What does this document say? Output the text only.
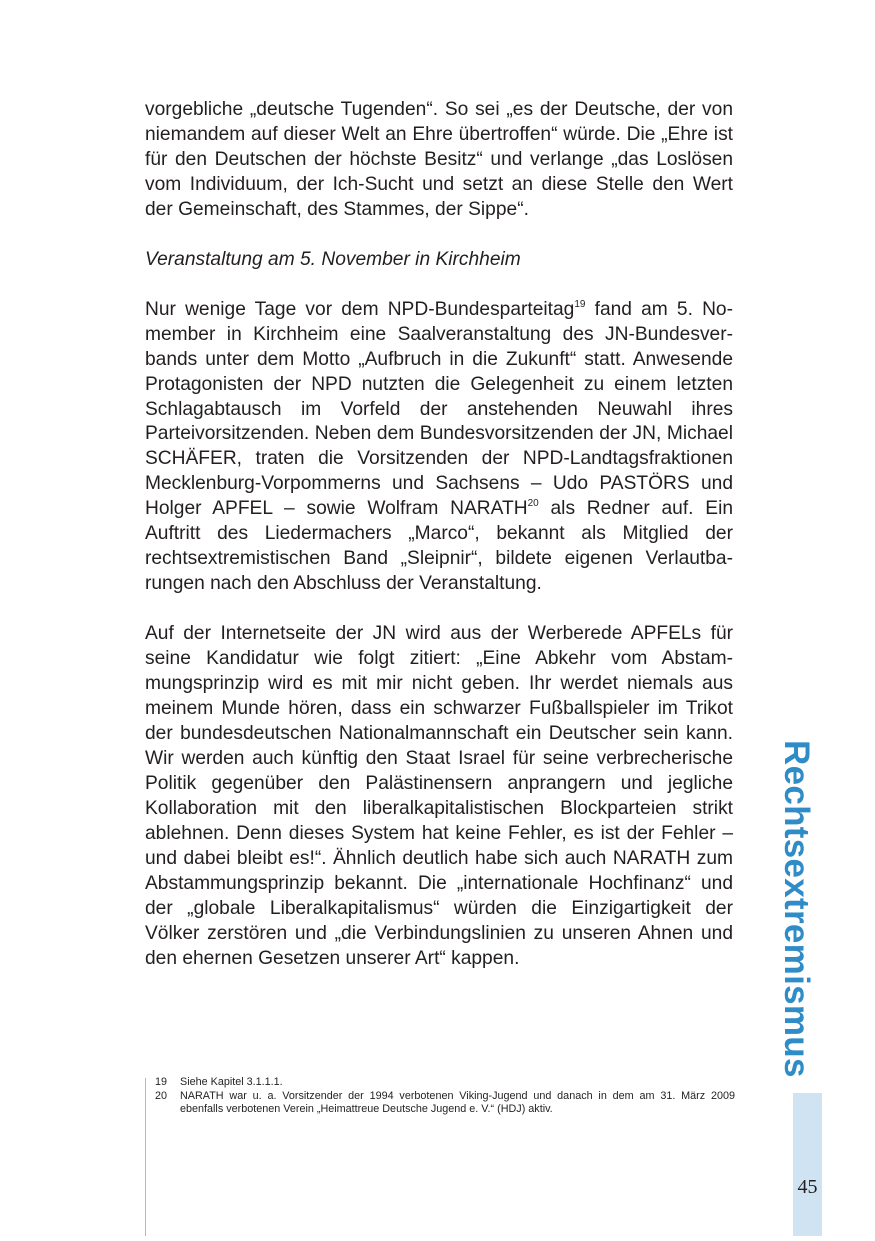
vorgebliche „deutsche Tugenden“. So sei „es der Deutsche, der von niemandem auf dieser Welt an Ehre übertroffen“ würde. Die „Ehre ist für den Deutschen der höchste Besitz“ und verlange „das Loslösen vom Individuum, der Ich-Sucht und setzt an diese Stelle den Wert der Gemeinschaft, des Stammes, der Sippe“.

Veranstaltung am 5. November in Kirchheim

Nur wenige Tage vor dem NPD-Bundesparteitag$^{19}$ fand am 5. Nomember in Kirchheim eine Saalveranstaltung des JN-Bundesverbands unter dem Motto „Aufbruch in die Zukunft“ statt. Anwesende Protagonisten der NPD nutzten die Gelegenheit zu einem letzten Schlagabtausch im Vorfeld der anstehenden Neuwahl ihres Parteivorsitzenden. Neben dem Bundesvorsitzenden der JN, Michael SCHÄFER, traten die Vorsitzenden der NPD-Landtagsfraktionen Mecklenburg-Vorpommerns und Sachsens – Udo PASTÖRS und Holger APFEL – sowie Wolfram NARATH$^{20}$ als Redner auf. Ein Auftritt des Liedermachers „Marco“, bekannt als Mitglied der rechtsextremistischen Band „Sleipnir“, bildete eigenen Verlautbarungen nach den Abschluss der Veranstaltung.

Auf der Internetseite der JN wird aus der Werberede APFELs für seine Kandidatur wie folgt zitiert: „Eine Abkehr vom Abstammungsprinzip wird es mit mir nicht geben. Ihr werdet niemals aus meinem Munde hören, dass ein schwarzer Fußballspieler im Trikot der bundesdeutschen Nationalmannschaft ein Deutscher sein kann. Wir werden auch künftig den Staat Israel für seine verbrecherische Politik gegenüber den Palästinensern anprangern und jegliche Kollaboration mit den liberalkapitalistischen Blockparteien strikt ablehnen. Denn dieses System hat keine Fehler, es ist der Fehler – und dabei bleibt es!“. Ähnlich deutlich habe sich auch NARATH zum Abstammungsprinzip bekannt. Die „internationale Hochfinanz“ und der „globale Liberalkapitalismus“ würden die Einzigartigkeit der Völker zerstören und „die Verbindungslinien zu unseren Ahnen und den ehernen Gesetzen unserer Art“ kappen.

19	Siehe Kapitel 3.1.1.1.
20	NARATH war u. a. Vorsitzender der 1994 verbotenen Viking-Jugend und danach in dem am 31. März 2009 ebenfalls verbotenen Verein „Heimattreue Deutsche Jugend e. V.“ (HDJ) aktiv.
Rechtsextremismus
45
